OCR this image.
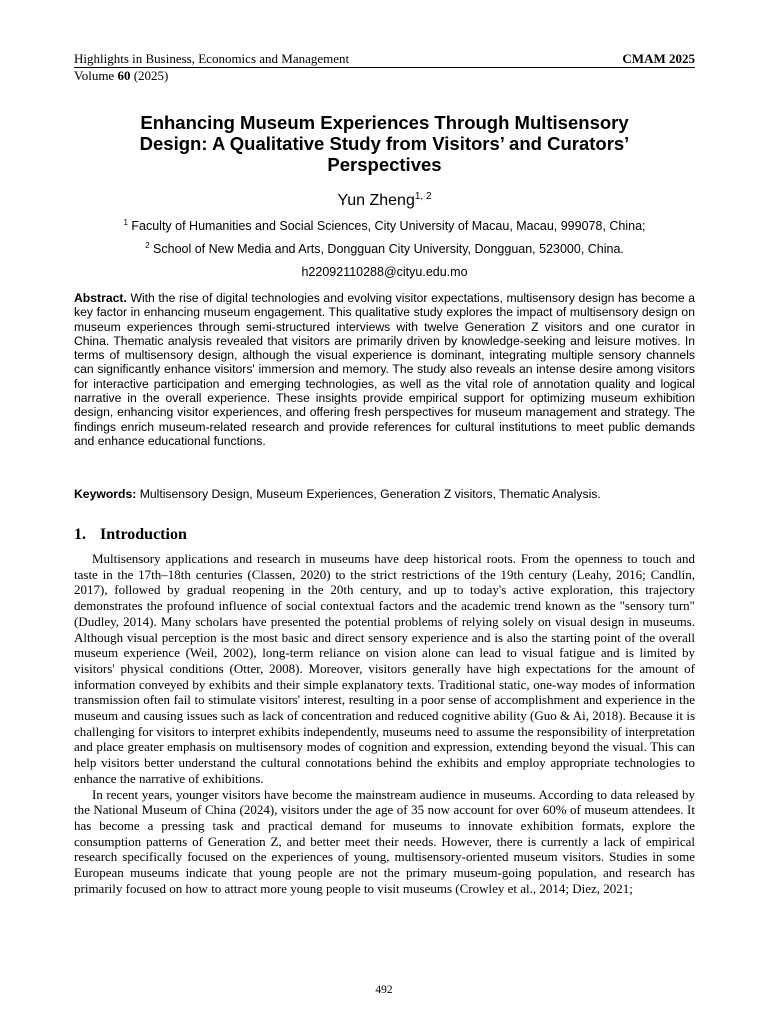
Highlights in Business, Economics and Management	CMAM 2025
Volume 60 (2025)
Enhancing Museum Experiences Through Multisensory
Design: A Qualitative Study from Visitors’ and Curators’
Perspectives
Yun Zheng$^{1, 2}$
$^1$ Faculty of Humanities and Social Sciences, City University of Macau, Macau, 999078, China;
$^2$ School of New Media and Arts, Dongguan City University, Dongguan, 523000, China.
h22092110288@cityu.edu.mo
Abstract. With the rise of digital technologies and evolving visitor expectations, multisensory design has become a key factor in enhancing museum engagement. This qualitative study explores the impact of multisensory design on museum experiences through semi-structured interviews with twelve Generation Z visitors and one curator in China. Thematic analysis revealed that visitors are primarily driven by knowledge-seeking and leisure motives. In terms of multisensory design, although the visual experience is dominant, integrating multiple sensory channels can significantly enhance visitors' immersion and memory. The study also reveals an intense desire among visitors for interactive participation and emerging technologies, as well as the vital role of annotation quality and logical narrative in the overall experience. These insights provide empirical support for optimizing museum exhibition design, enhancing visitor experiences, and offering fresh perspectives for museum management and strategy. The findings enrich museum-related research and provide references for cultural institutions to meet public demands and enhance educational functions.
Keywords: Multisensory Design, Museum Experiences, Generation Z visitors, Thematic Analysis.
1. Introduction

Multisensory applications and research in museums have deep historical roots. From the openness to touch and taste in the 17th–18th centuries (Classen, 2020) to the strict restrictions of the 19th century (Leahy, 2016; Candlin, 2017), followed by gradual reopening in the 20th century, and up to today's active exploration, this trajectory demonstrates the profound influence of social contextual factors and the academic trend known as the "sensory turn" (Dudley, 2014). Many scholars have presented the potential problems of relying solely on visual design in museums. Although visual perception is the most basic and direct sensory experience and is also the starting point of the overall museum experience (Weil, 2002), long-term reliance on vision alone can lead to visual fatigue and is limited by visitors' physical conditions (Otter, 2008). Moreover, visitors generally have high expectations for the amount of information conveyed by exhibits and their simple explanatory texts. Traditional static, one-way modes of information transmission often fail to stimulate visitors' interest, resulting in a poor sense of accomplishment and experience in the museum and causing issues such as lack of concentration and reduced cognitive ability (Guo & Ai, 2018). Because it is challenging for visitors to interpret exhibits independently, museums need to assume the responsibility of interpretation and place greater emphasis on multisensory modes of cognition and expression, extending beyond the visual. This can help visitors better understand the cultural connotations behind the exhibits and employ appropriate technologies to enhance the narrative of exhibitions.

In recent years, younger visitors have become the mainstream audience in museums. According to data released by the National Museum of China (2024), visitors under the age of 35 now account for over 60% of museum attendees. It has become a pressing task and practical demand for museums to innovate exhibition formats, explore the consumption patterns of Generation Z, and better meet their needs. However, there is currently a lack of empirical research specifically focused on the experiences of young, multisensory-oriented museum visitors. Studies in some European museums indicate that young people are not the primary museum-going population, and research has primarily focused on how to attract more young people to visit museums (Crowley et al., 2014; Diez, 2021;

492
